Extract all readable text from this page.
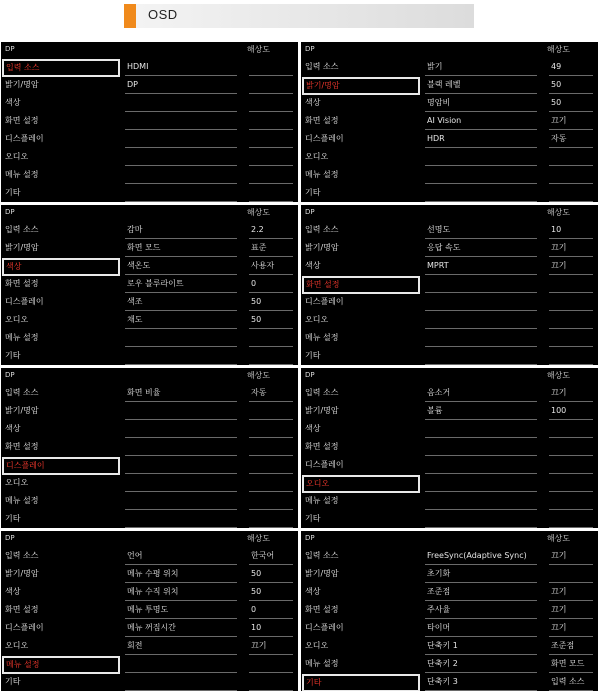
OSD
DP	해상도
입력 소스	HDMI
밝기/명암	DP
색상
화면 설정
디스플레이
오디오
메뉴 설정
기타
DP	해상도
입력 소스	밝기	49
밝기/명암	블랙 레벨	50
색상	명암비	50
화면 설정	AI Vision	끄기
디스플레이	HDR	자동
오디오
메뉴 설정
기타
DP	해상도
입력 소스	감마	2.2
밝기/명암	화면 모드	표준
색상	색온도	사용자
화면 설정	로우 블루라이트	0
디스플레이	색조	50
오디오	채도	50
메뉴 설정
기타
DP	해상도
입력 소스	선명도	10
밝기/명암	응답 속도	끄기
색상	MPRT	끄기
화면 설정
디스플레이
오디오
메뉴 설정
기타
DP	해상도
입력 소스	화면 비율	자동
밝기/명암
색상
화면 설정
디스플레이
오디오
메뉴 설정
기타
DP	해상도
입력 소스	음소거	끄기
밝기/명암	볼륨	100
색상
화면 설정
디스플레이
오디오
메뉴 설정
기타
DP	해상도
입력 소스	언어	한국어
밝기/명암	메뉴 수평 위치	50
색상	메뉴 수직 위치	50
화면 설정	메뉴 투명도	0
디스플레이	메뉴 꺼짐시간	10
오디오	회전	끄기
메뉴 설정
기타
DP	해상도
입력 소스	FreeSync(Adaptive Sync)	끄기
밝기/명암	초기화
색상	조준점	끄기
화면 설정	주사율	끄기
디스플레이	타이머	끄기
오디오	단축키 1	조준점
메뉴 설정	단축키 2	화면 모드
기타	단축키 3	입력 소스
